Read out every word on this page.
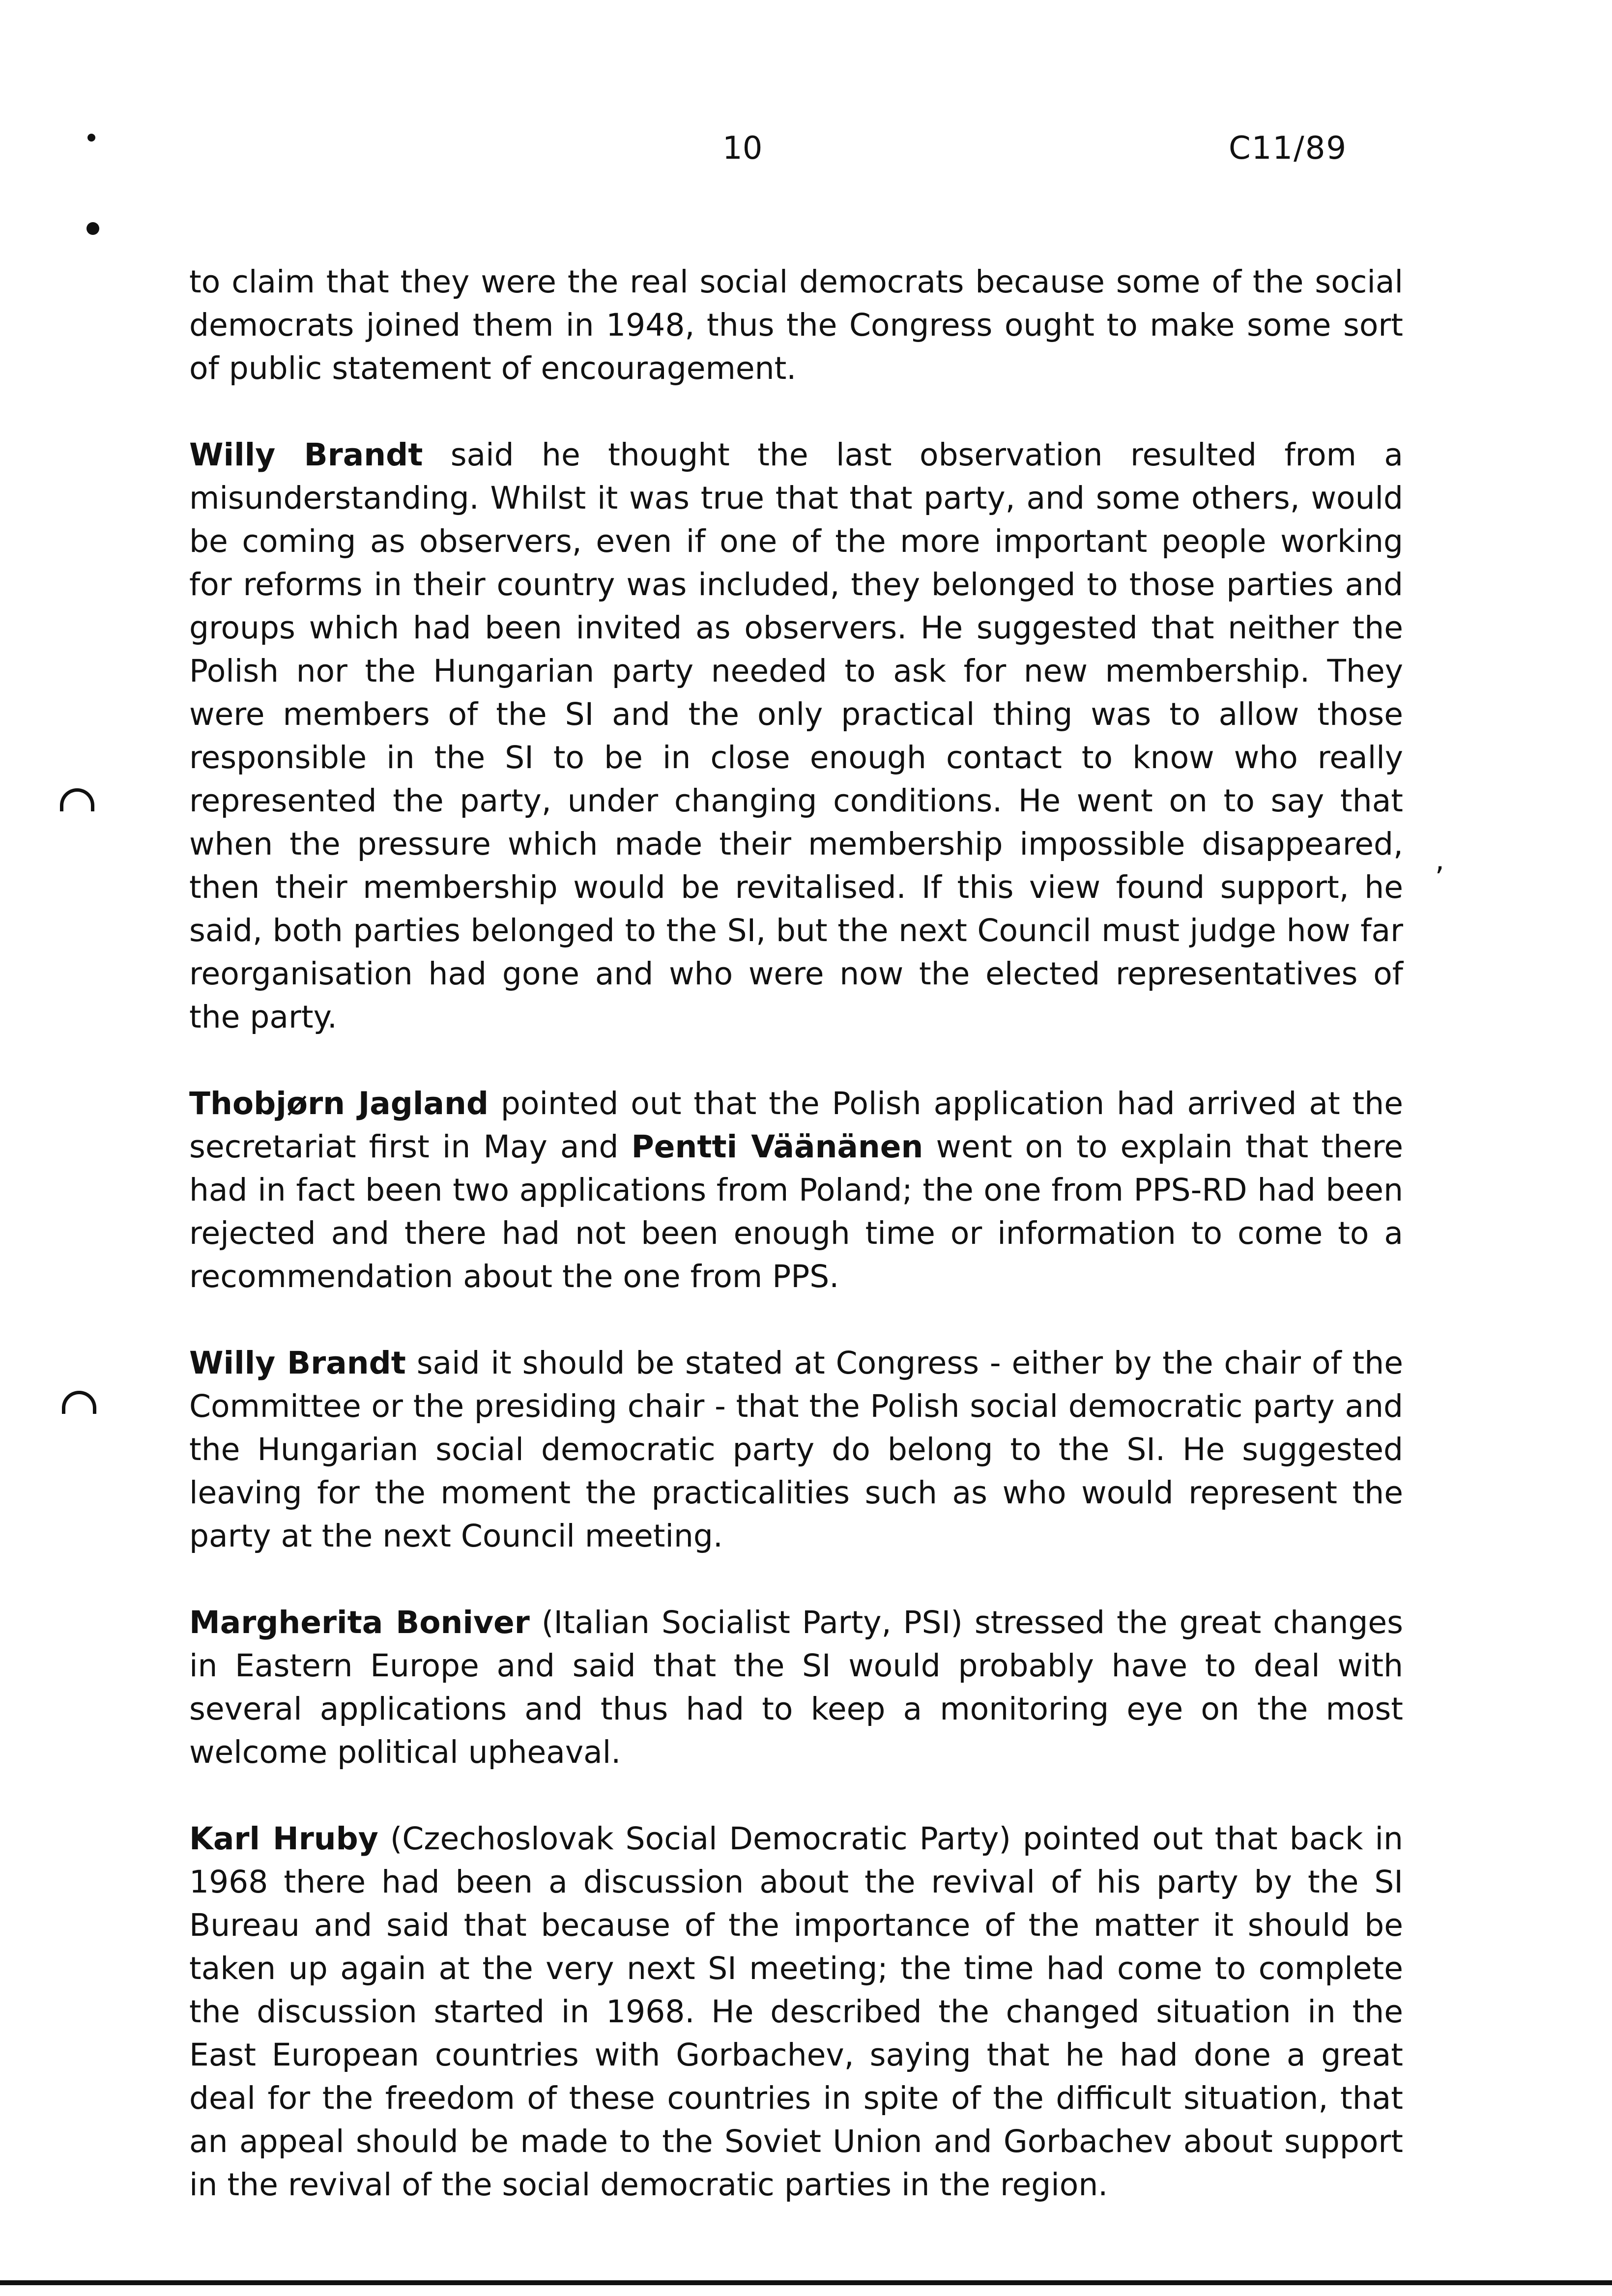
10	C11/89
,

to claim that they were the real social democrats because some of the social democrats joined them in 1948, thus the Congress ought to make some sort of public statement of encouragement.

Willy Brandt said he thought the last observation resulted from a misunderstanding. Whilst it was true that that party, and some others, would be coming as observers, even if one of the more important people working for reforms in their country was included, they belonged to those parties and groups which had been invited as observers. He suggested that neither the Polish nor the Hungarian party needed to ask for new membership. They were members of the SI and the only practical thing was to allow those responsible in the SI to be in close enough contact to know who really represented the party, under changing conditions. He went on to say that when the pressure which made their membership impossible disappeared, then their membership would be revitalised. If this view found support, he said, both parties belonged to the SI, but the next Council must judge how far reorganisation had gone and who were now the elected representatives of the party.

Thobjørn Jagland pointed out that the Polish application had arrived at the secretariat first in May and Pentti Väänänen went on to explain that there had in fact been two applications from Poland; the one from PPS-RD had been rejected and there had not been enough time or information to come to a recommendation about the one from PPS.

Willy Brandt said it should be stated at Congress - either by the chair of the Committee or the presiding chair - that the Polish social democratic party and the Hungarian social democratic party do belong to the SI. He suggested leaving for the moment the practicalities such as who would represent the party at the next Council meeting.

Margherita Boniver (Italian Socialist Party, PSI) stressed the great changes in Eastern Europe and said that the SI would probably have to deal with several applications and thus had to keep a monitoring eye on the most welcome political upheaval.

Karl Hruby (Czechoslovak Social Democratic Party) pointed out that back in 1968 there had been a discussion about the revival of his party by the SI Bureau and said that because of the importance of the matter it should be taken up again at the very next SI meeting; the time had come to complete the discussion started in 1968. He described the changed situation in the East European countries with Gorbachev, saying that he had done a great deal for the freedom of these countries in spite of the difficult situation, that an appeal should be made to the Soviet Union and Gorbachev about support in the revival of the social democratic parties in the region.
